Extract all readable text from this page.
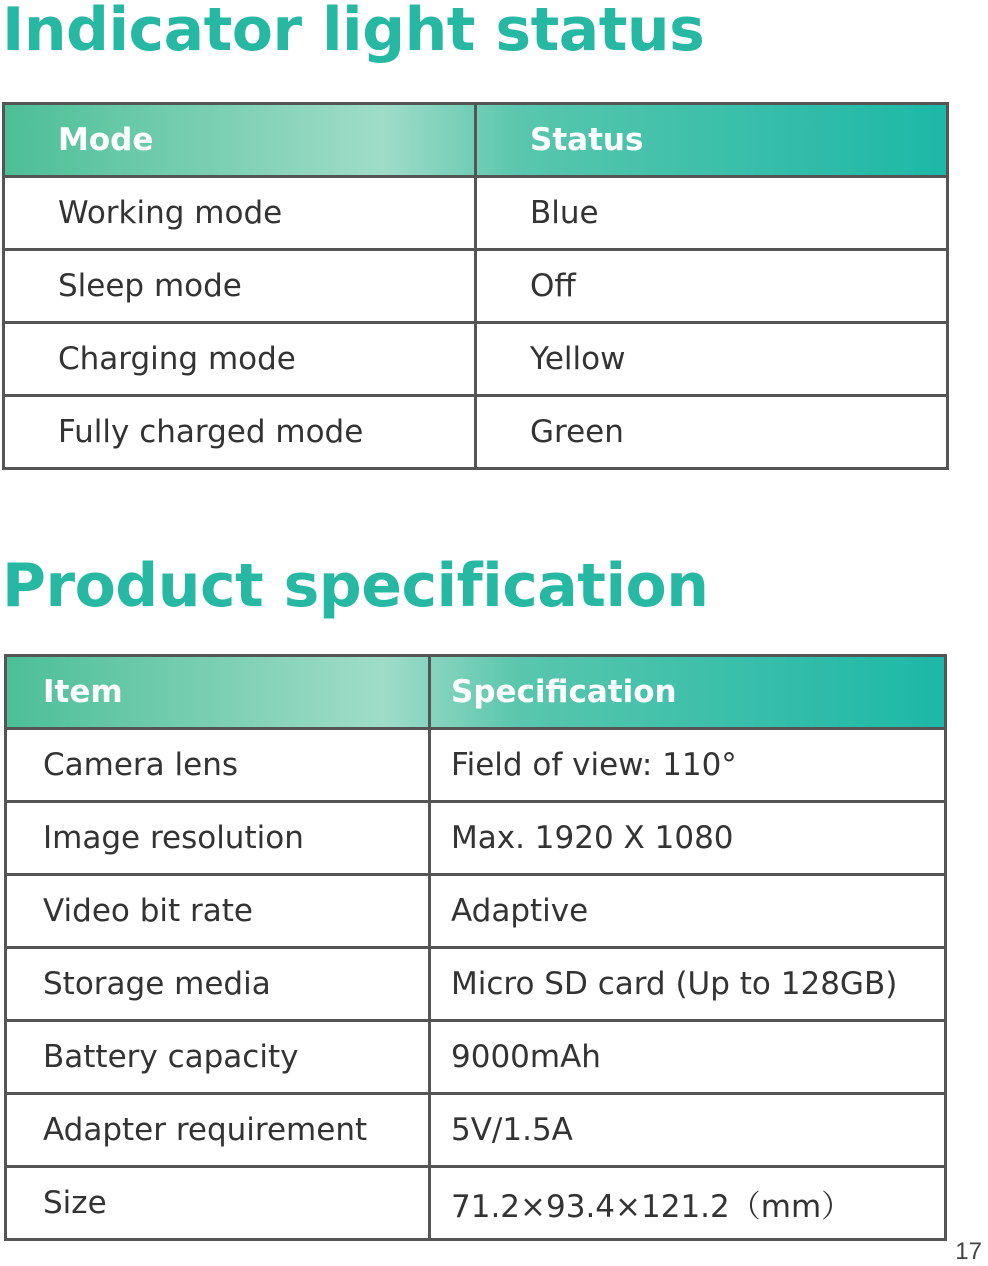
Indicator light status
Mode	Status
Working mode	Blue
Sleep mode	Off
Charging mode	Yellow
Fully charged mode	Green
Product specification
Item	Specification
Camera lens	Field of view: 110°
Image resolution	Max. 1920 X 1080
Video bit rate	Adaptive
Storage media	Micro SD card (Up to 128GB)
Battery capacity	9000mAh
Adapter requirement	5V/1.5A
Size	71.2×93.4×121.2（mm）
17
